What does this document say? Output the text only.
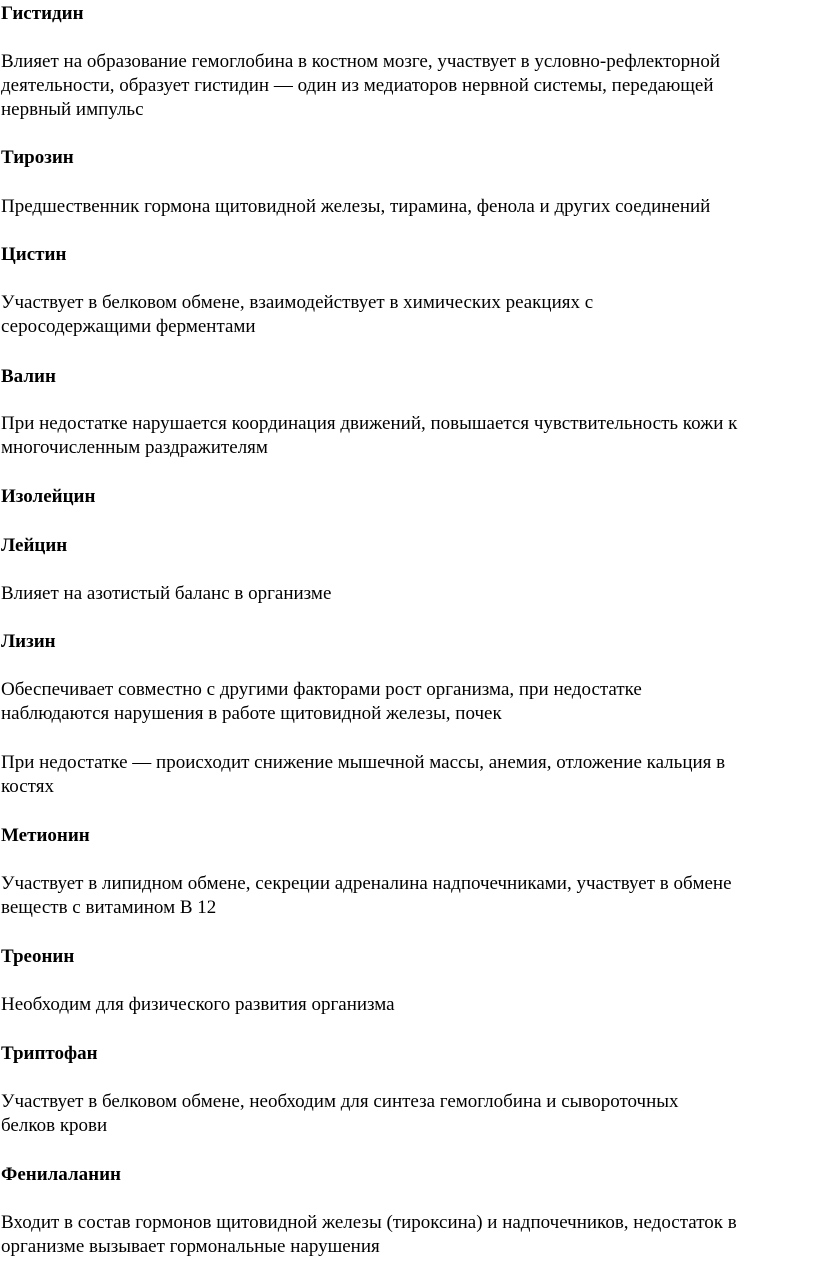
Гистидин
Влияет на образование гемоглобина в костном мозге, участвует в условно-рефлекторной
деятельности, образует гистидин — один из медиаторов нервной системы, передающей
нервный импульс
Тирозин
Предшественник гормона щитовидной железы, тирамина, фенола и других соединений
Цистин
Участвует в белковом обмене, взаимодействует в химических реакциях с
серосодержащими ферментами
Валин
При недостатке нарушается координация движений, повышается чувствительность кожи к
многочисленным раздражителям
Изолейцин
Лейцин
Влияет на азотистый баланс в организме
Лизин
Обеспечивает совместно с другими факторами рост организма, при недостатке
наблюдаются нарушения в работе щитовидной железы, почек
При недостатке — происходит снижение мышечной массы, анемия, отложение кальция в
костях
Метионин
Участвует в липидном обмене, секреции адреналина надпочечниками, участвует в обмене
веществ с витамином В 12
Треонин
Необходим для физического развития организма
Триптофан
Участвует в белковом обмене, необходим для синтеза гемоглобина и сывороточных
белков крови
Фенилаланин
Входит в состав гормонов щитовидной железы (тироксина) и надпочечников, недостаток в
организме вызывает гормональные нарушения
